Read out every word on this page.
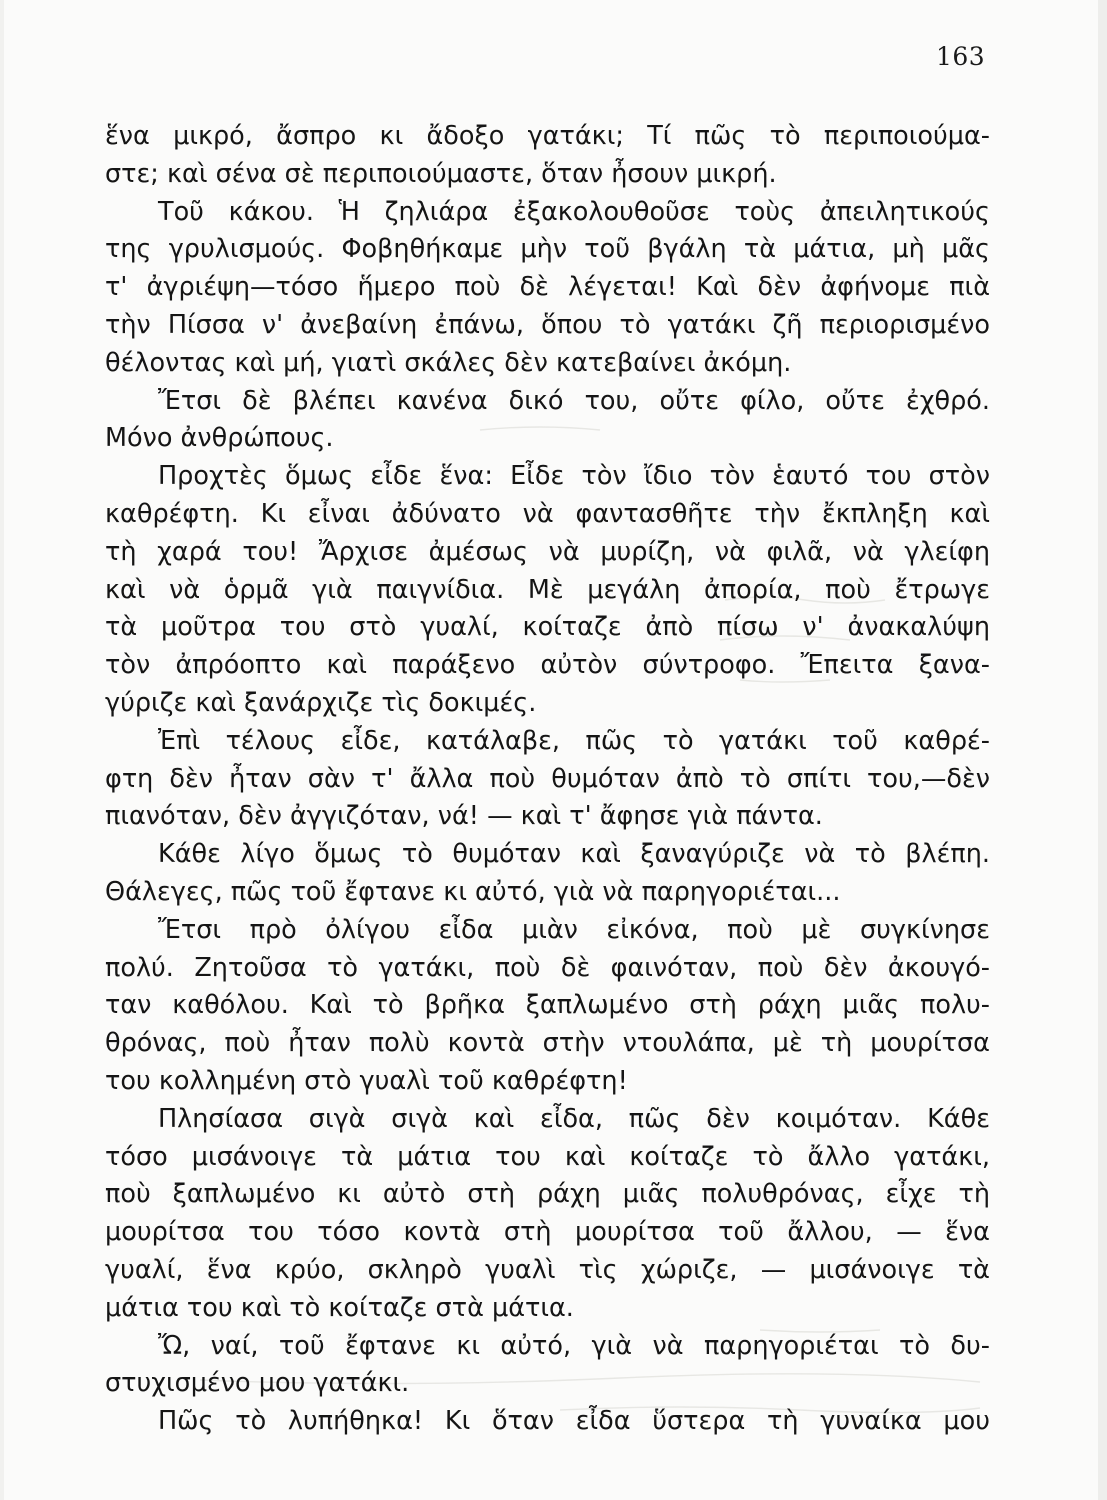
163
ἕνα μικρό, ἄσπρο κι ἄδοξο γατάκι; Τί πῶς τὸ περιποιούμα-
στε; καὶ σένα σὲ περιποιούμαστε, ὅταν ἦσουν μικρή.
Τοῦ κάκου. Ἡ ζηλιάρα ἐξακολουθοῦσε τοὺς ἀπειλητικούς
της γρυλισμούς. Φοβηθήκαμε μὴν τοῦ βγάλη τὰ μάτια, μὴ μᾶς
τ' ἀγριέψη—τόσο ἥμερο ποὺ δὲ λέγεται! Καὶ δὲν ἀφήνομε πιὰ
τὴν Πίσσα ν' ἀνεβαίνη ἐπάνω, ὅπου τὸ γατάκι ζῆ περιορισμένο
θέλοντας καὶ μή, γιατὶ σκάλες δὲν κατεβαίνει ἀκόμη.
Ἔτσι δὲ βλέπει κανένα δικό του, οὔτε φίλο, οὔτε ἐχθρό.
Μόνο ἀνθρώπους.
Προχτὲς ὅμως εἶδε ἕνα: Εἶδε τὸν ἴδιο τὸν ἑαυτό του στὸν
καθρέφτη. Κι εἶναι ἀδύνατο νὰ φαντασθῆτε τὴν ἔκπληξη καὶ
τὴ χαρά του! Ἄρχισε ἀμέσως νὰ μυρίζη, νὰ φιλᾶ, νὰ γλείφη
καὶ νὰ ὁρμᾶ γιὰ παιγνίδια. Μὲ μεγάλη ἀπορία, ποὺ ἔτρωγε
τὰ μοῦτρα του στὸ γυαλί, κοίταζε ἀπὸ πίσω ν' ἀνακαλύψη
τὸν ἀπρόοπτο καὶ παράξενο αὐτὸν σύντροφο. Ἔπειτα ξανα-
γύριζε καὶ ξανάρχιζε τὶς δοκιμές.
Ἐπὶ τέλους εἶδε, κατάλαβε, πῶς τὸ γατάκι τοῦ καθρέ-
φτη δὲν ἦταν σὰν τ' ἄλλα ποὺ θυμόταν ἀπὸ τὸ σπίτι του,—δὲν
πιανόταν, δὲν ἀγγιζόταν, νά! — καὶ τ' ἄφησε γιὰ πάντα.
Κάθε λίγο ὅμως τὸ θυμόταν καὶ ξαναγύριζε νὰ τὸ βλέπη.
Θάλεγες, πῶς τοῦ ἔφτανε κι αὐτό, γιὰ νὰ παρηγοριέται...
Ἔτσι πρὸ ὀλίγου εἶδα μιὰν εἰκόνα, ποὺ μὲ συγκίνησε
πολύ. Ζητοῦσα τὸ γατάκι, ποὺ δὲ φαινόταν, ποὺ δὲν ἀκουγό-
ταν καθόλου. Καὶ τὸ βρῆκα ξαπλωμένο στὴ ράχη μιᾶς πολυ-
θρόνας, ποὺ ἦταν πολὺ κοντὰ στὴν ντουλάπα, μὲ τὴ μουρίτσα
του κολλημένη στὸ γυαλὶ τοῦ καθρέφτη!
Πλησίασα σιγὰ σιγὰ καὶ εἶδα, πῶς δὲν κοιμόταν. Κάθε
τόσο μισάνοιγε τὰ μάτια του καὶ κοίταζε τὸ ἄλλο γατάκι,
ποὺ ξαπλωμένο κι αὐτὸ στὴ ράχη μιᾶς πολυθρόνας, εἶχε τὴ
μουρίτσα του τόσο κοντὰ στὴ μουρίτσα τοῦ ἄλλου, — ἕνα
γυαλί, ἕνα κρύο, σκληρὸ γυαλὶ τὶς χώριζε, — μισάνοιγε τὰ
μάτια του καὶ τὸ κοίταζε στὰ μάτια.
Ὤ, ναί, τοῦ ἔφτανε κι αὐτό, γιὰ νὰ παρηγοριέται τὸ δυ-
στυχισμένο μου γατάκι.
Πῶς τὸ λυπήθηκα! Κι ὅταν εἶδα ὕστερα τὴ γυναίκα μου
